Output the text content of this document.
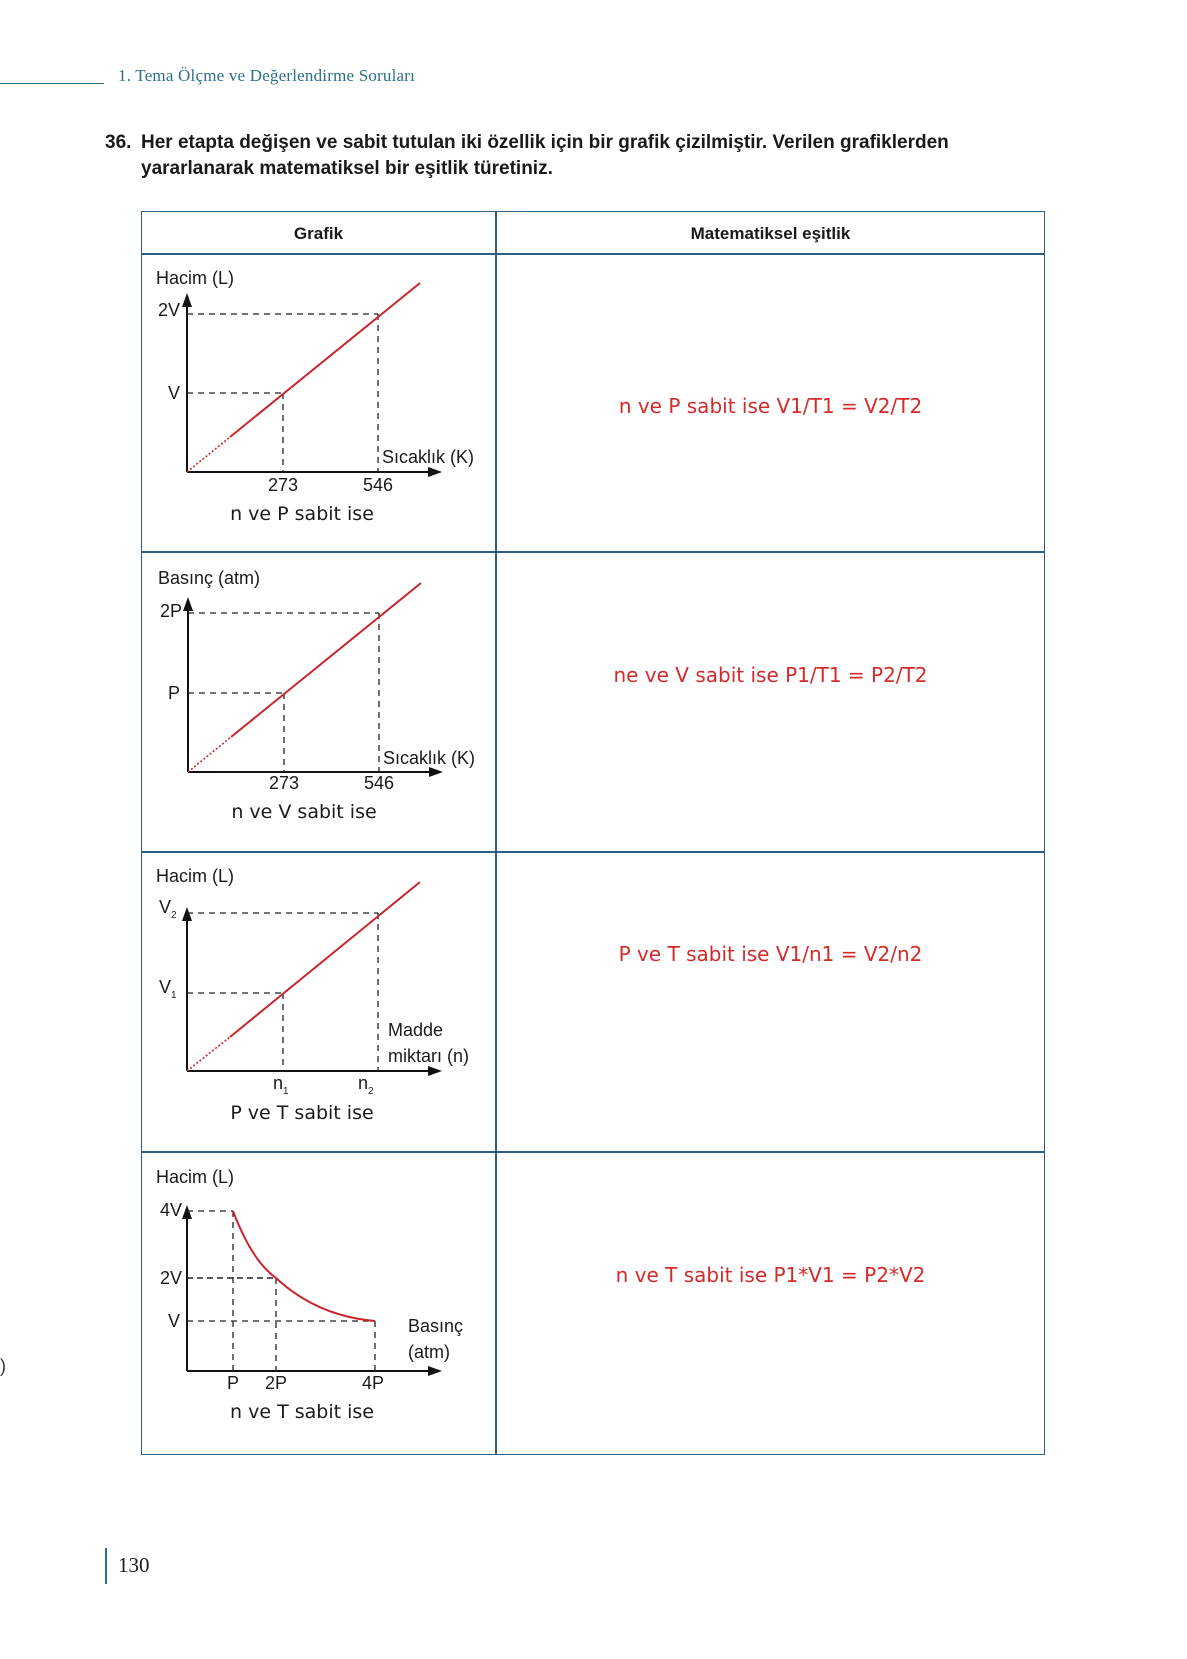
1. Tema Ölçme ve Değerlendirme Soruları
36. Her etapta değişen ve sabit tutulan iki özellik için bir grafik çizilmiştir. Verilen grafiklerden yararlanarak matematiksel bir eşitlik türetiniz.
Grafik	Matematiksel eşitlik
Hacim (L)
2V
V
273	546
Sıcaklık (K)
n ve P sabit ise
n ve P sabit ise V1/T1 = V2/T2
Basınç (atm)
2P
P
273	546
Sıcaklık (K)
n ve V sabit ise
ne ve V sabit ise P1/T1 = P2/T2
Hacim (L)
$V_2$
$V_1$
$n_1$	$n_2$
Madde
miktarı (n)
P ve T sabit ise
P ve T sabit ise V1/n1 = V2/n2
Hacim (L)
4V
2V
V
P 2P	4P
Basınç
(atm)
n ve T sabit ise
n ve T sabit ise P1*V1 = P2*V2
)
130
